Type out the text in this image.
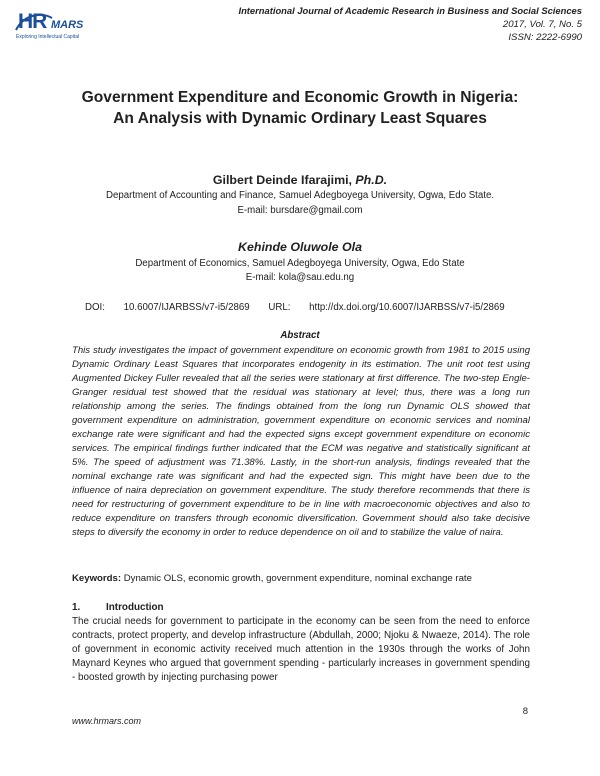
HR MARS
Exploring Intellectual Capital
International Journal of Academic Research in Business and Social Sciences
2017, Vol. 7, No. 5
ISSN: 2222-6990
Government Expenditure and Economic Growth in Nigeria: An Analysis with Dynamic Ordinary Least Squares
Gilbert Deinde Ifarajimi, Ph.D.
Department of Accounting and Finance, Samuel Adegboyega University, Ogwa, Edo State.
E-mail: bursdare@gmail.com
Kehinde Oluwole Ola
Department of Economics, Samuel Adegboyega University, Ogwa, Edo State
E-mail: kola@sau.edu.ng
DOI: 10.6007/IJARBSS/v7-i5/2869 URL: http://dx.doi.org/10.6007/IJARBSS/v7-i5/2869
Abstract
This study investigates the impact of government expenditure on economic growth from 1981 to 2015 using Dynamic Ordinary Least Squares that incorporates endogenity in its estimation. The unit root test using Augmented Dickey Fuller revealed that all the series were stationary at first difference. The two-step Engle-Granger residual test showed that the residual was stationary at level; thus, there was a long run relationship among the series. The findings obtained from the long run Dynamic OLS showed that government expenditure on administration, government expenditure on economic services and nominal exchange rate were significant and had the expected signs except government expenditure on economic services. The empirical findings further indicated that the ECM was negative and statistically significant at 5%. The speed of adjustment was 71.38%. Lastly, in the short-run analysis, findings revealed that the nominal exchange rate was significant and had the expected sign. This might have been due to the influence of naira depreciation on government expenditure. The study therefore recommends that there is need for restructuring of government expenditure to be in line with macroeconomic objectives and also to reduce expenditure on transfers through economic diversification. Government should also take decisive steps to diversify the economy in order to reduce dependence on oil and to stabilize the value of naira.
Keywords: Dynamic OLS, economic growth, government expenditure, nominal exchange rate
1.	Introduction
The crucial needs for government to participate in the economy can be seen from the need to enforce contracts, protect property, and develop infrastructure (Abdullah, 2000; Njoku & Nwaeze, 2014). The role of government in economic activity received much attention in the 1930s through the works of John Maynard Keynes who argued that government spending - particularly increases in government spending - boosted growth by injecting purchasing power
8
www.hrmars.com
